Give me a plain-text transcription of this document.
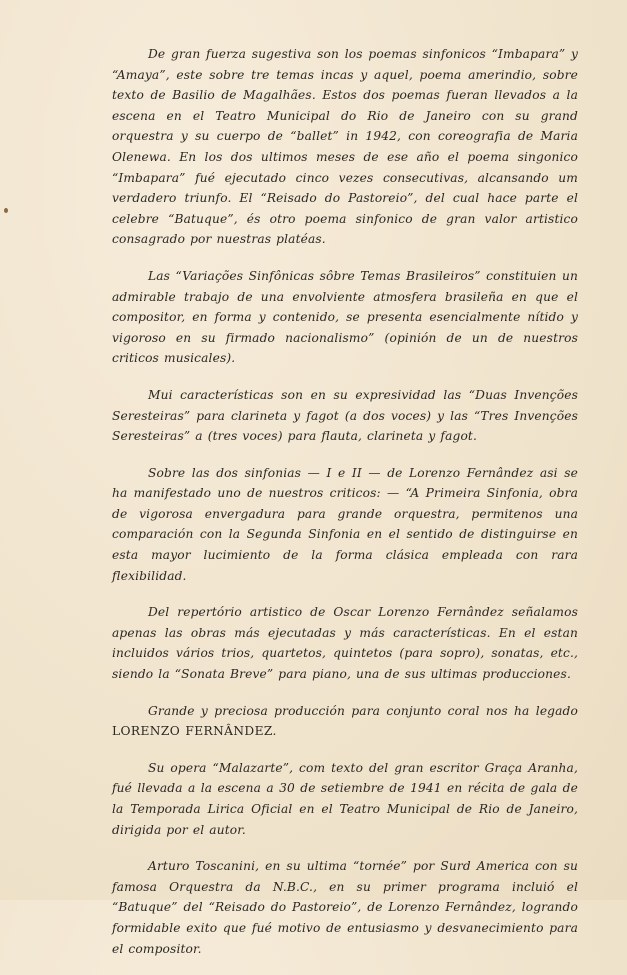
De gran fuerza sugestiva son los poemas sinfonicos “Imbapara” y “Amaya”, este sobre tre temas incas y aquel, poema amerindio, sobre texto de Basilio de Magalhães. Estos dos poemas fueran llevados a la escena en el Teatro Municipal do Rio de Janeiro con su grand orquestra y su cuerpo de “ballet” in 1942, con coreografia de Maria Olenewa. En los dos ultimos meses de ese año el poema singonico “Imbapara” fué ejecutado cinco vezes consecutivas, alcansando um verdadero triunfo. El “Reisado do Pastoreio”, del cual hace parte el celebre “Batuque”, és otro poema sinfonico de gran valor artistico consagrado por nuestras platéas.

Las “Variações Sinfônicas sôbre Temas Brasileiros” constituien un admirable trabajo de una envolviente atmosfera brasileña en que el compositor, en forma y contenido, se presenta esencialmente nítido y vigoroso en su firmado nacionalismo” (opinión de un de nuestros criticos musicales).

Mui características son en su expresividad las “Duas Invenções Seresteiras” para clarineta y fagot (a dos voces) y las “Tres Invenções Seresteiras” a (tres voces) para flauta, clarineta y fagot.

Sobre las dos sinfonias — I e II — de Lorenzo Fernândez asi se ha manifestado uno de nuestros criticos: — “A Primeira Sinfonia, obra de vigorosa envergadura para grande orquestra, permitenos una comparación con la Segunda Sinfonia en el sentido de distinguirse en esta mayor lucimiento de la forma clásica empleada con rara flexibilidad.

Del repertório artistico de Oscar Lorenzo Fernândez señalamos apenas las obras más ejecutadas y más características. En el estan incluidos vários trios, quartetos, quintetos (para sopro), sonatas, etc., siendo la “Sonata Breve” para piano, una de sus ultimas producciones.

Grande y preciosa producción para conjunto coral nos ha legado LORENZO FERNÂNDEZ.

Su opera “Malazarte”, com texto del gran escritor Graça Aranha, fué llevada a la escena a 30 de setiembre de 1941 en récita de gala de la Temporada Lirica Oficial en el Teatro Municipal de Rio de Janeiro, dirigida por el autor.

Arturo Toscanini, en su ultima “tornée” por Surd America con su famosa Orquestra da N.B.C., en su primer programa incluió el “Batuque” del “Reisado do Pastoreio”, de Lorenzo Fernândez, logrando formidable exito que fué motivo de entusiasmo y desvanecimiento para el compositor.
